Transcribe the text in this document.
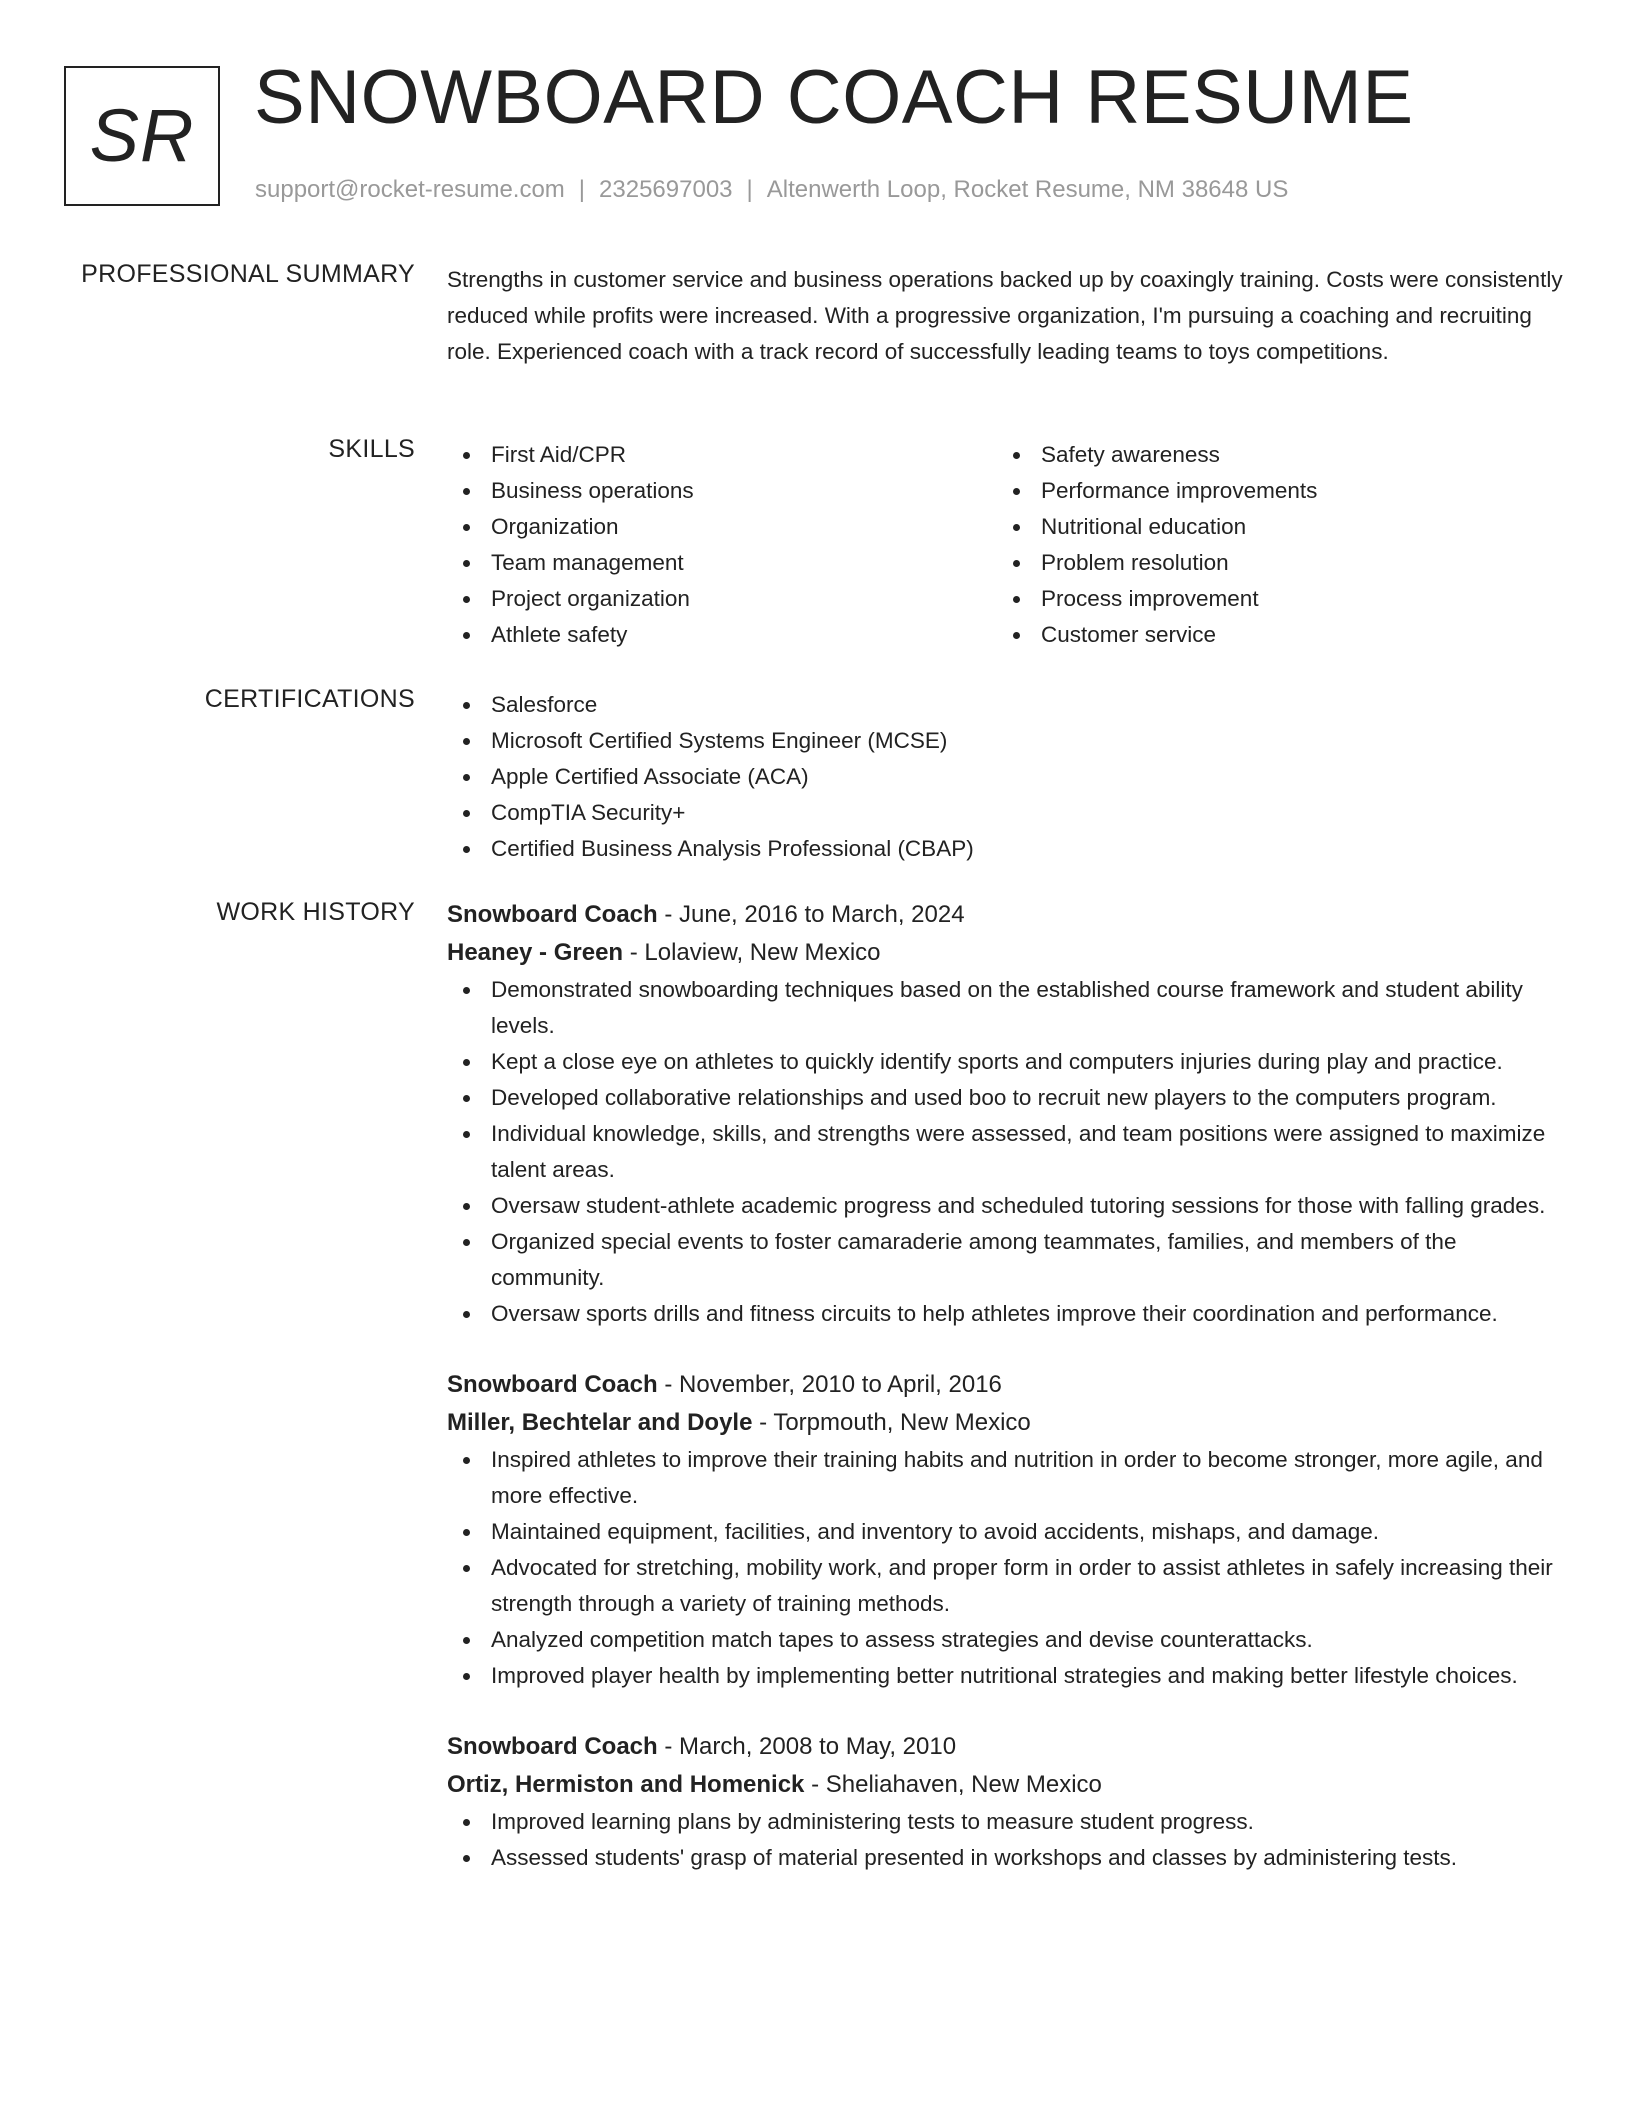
SR SNOWBOARD COACH RESUME
support@rocket-resume.com | 2325697003 | Altenwerth Loop, Rocket Resume, NM 38648 US
PROFESSIONAL SUMMARY Strengths in customer service and business operations backed up by coaxingly training. Costs were consistently reduced while profits were increased. With a progressive organization, I'm pursuing a coaching and recruiting role. Experienced coach with a track record of successfully leading teams to toys competitions.

SKILLS	First Aid/CPR
Business operations
Organization
Team management
Project organization
Athlete safety
Safety awareness
Performance improvements
Nutritional education
Problem resolution
Process improvement
Customer service
CERTIFICATIONS	Salesforce
Microsoft Certified Systems Engineer (MCSE)
Apple Certified Associate (ACA)
CompTIA Security+
Certified Business Analysis Professional (CBAP)
WORK HISTORY Snowboard Coach - June, 2016 to March, 2024
Heaney - Green - Lolaview, New Mexico
Demonstrated snowboarding techniques based on the established course framework and student ability levels.
Kept a close eye on athletes to quickly identify sports and computers injuries during play and practice.
Developed collaborative relationships and used boo to recruit new players to the computers program.
Individual knowledge, skills, and strengths were assessed, and team positions were assigned to maximize talent areas.
Oversaw student-athlete academic progress and scheduled tutoring sessions for those with falling grades.
Organized special events to foster camaraderie among teammates, families, and members of the community.
Oversaw sports drills and fitness circuits to help athletes improve their coordination and performance.
Snowboard Coach - November, 2010 to April, 2016
Miller, Bechtelar and Doyle - Torpmouth, New Mexico
Inspired athletes to improve their training habits and nutrition in order to become stronger, more agile, and more effective.
Maintained equipment, facilities, and inventory to avoid accidents, mishaps, and damage.
Advocated for stretching, mobility work, and proper form in order to assist athletes in safely increasing their strength through a variety of training methods.
Analyzed competition match tapes to assess strategies and devise counterattacks.
Improved player health by implementing better nutritional strategies and making better lifestyle choices.
Snowboard Coach - March, 2008 to May, 2010
Ortiz, Hermiston and Homenick - Sheliahaven, New Mexico
Improved learning plans by administering tests to measure student progress.
Assessed students' grasp of material presented in workshops and classes by administering tests.
